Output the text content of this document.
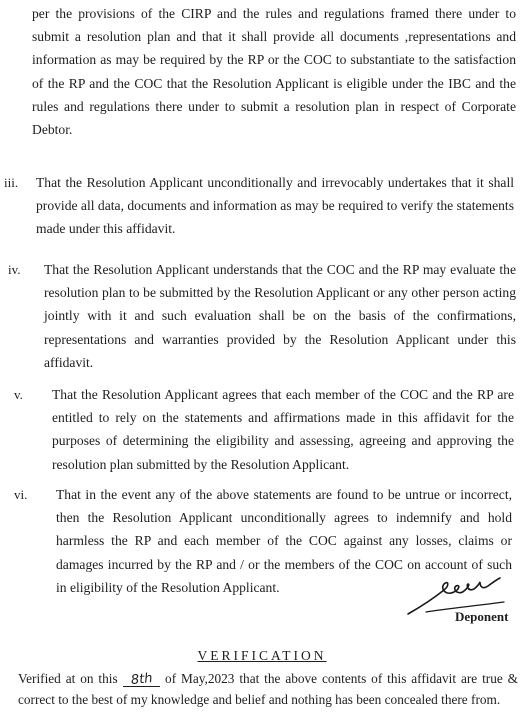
per the provisions of the CIRP and the rules and regulations framed there under to submit a resolution plan and that it shall provide all documents ,representations and information as may be required by the RP or the COC to substantiate to the satisfaction of the RP and the COC that the Resolution Applicant is eligible under the IBC and the rules and regulations there under to submit a resolution plan in respect of Corporate Debtor.
iii. That the Resolution Applicant unconditionally and irrevocably undertakes that it shall provide all data, documents and information as may be required to verify the statements made under this affidavit.
iv. That the Resolution Applicant understands that the COC and the RP may evaluate the resolution plan to be submitted by the Resolution Applicant or any other person acting jointly with it and such evaluation shall be on the basis of the confirmations, representations and warranties provided by the Resolution Applicant under this affidavit.
v. That the Resolution Applicant agrees that each member of the COC and the RP are entitled to rely on the statements and affirmations made in this affidavit for the purposes of determining the eligibility and assessing, agreeing and approving the resolution plan submitted by the Resolution Applicant.
vi. That in the event any of the above statements are found to be untrue or incorrect, then the Resolution Applicant unconditionally agrees to indemnify and hold harmless the RP and each member of the COC against any losses, claims or damages incurred by the RP and / or the members of the COC on account of such in eligibility of the Resolution Applicant.
Deponent
VERIFICATION
Verified at on this 8th of May,2023 that the above contents of this affidavit are true & correct to the best of my knowledge and belief and nothing has been concealed there from.
